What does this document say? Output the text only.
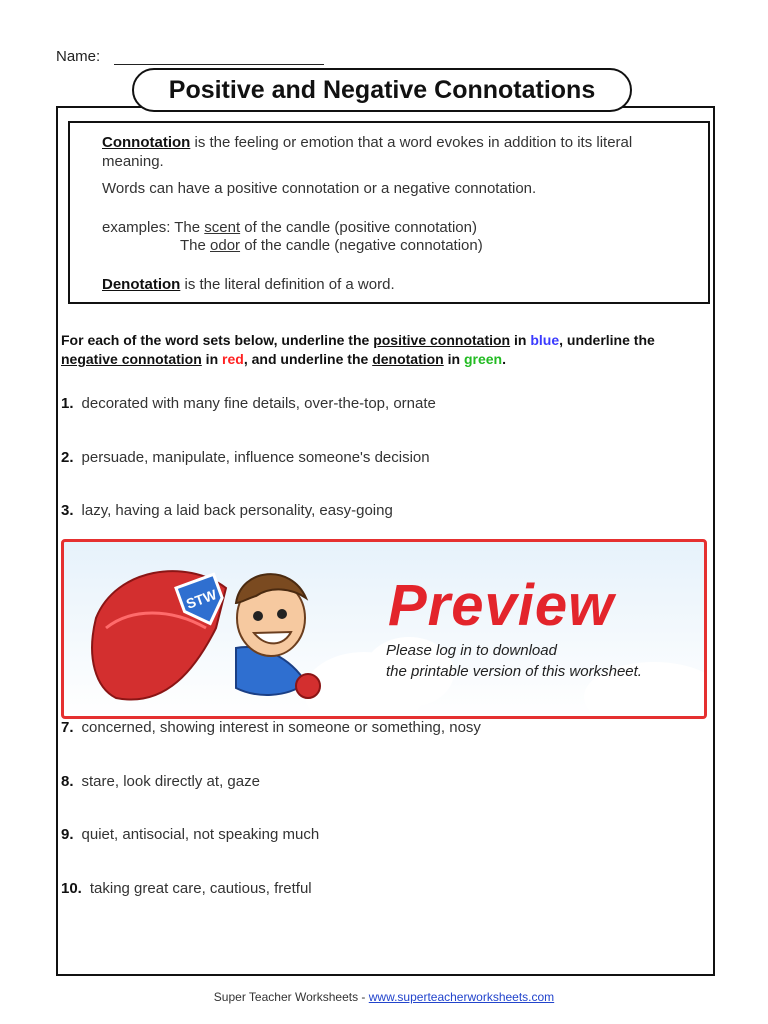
Name:
Positive and Negative Connotations
Connotation is the feeling or emotion that a word evokes in addition to its literal meaning.
Words can have a positive connotation or a negative connotation.
examples: The scent of the candle (positive connotation)
The odor of the candle (negative connotation)
Denotation is the literal definition of a word.
For each of the word sets below, underline the positive connotation in blue, underline the negative connotation in red, and underline the denotation in green.
1. decorated with many fine details, over-the-top, ornate
2. persuade, manipulate, influence someone's decision
3. lazy, having a laid back personality, easy-going
STW	Preview
Please log in to download
the printable version of this worksheet.
7. concerned, showing interest in someone or something, nosy
8. stare, look directly at, gaze
9. quiet, antisocial, not speaking much
10. taking great care, cautious, fretful
Super Teacher Worksheets - www.superteacherworksheets.com
